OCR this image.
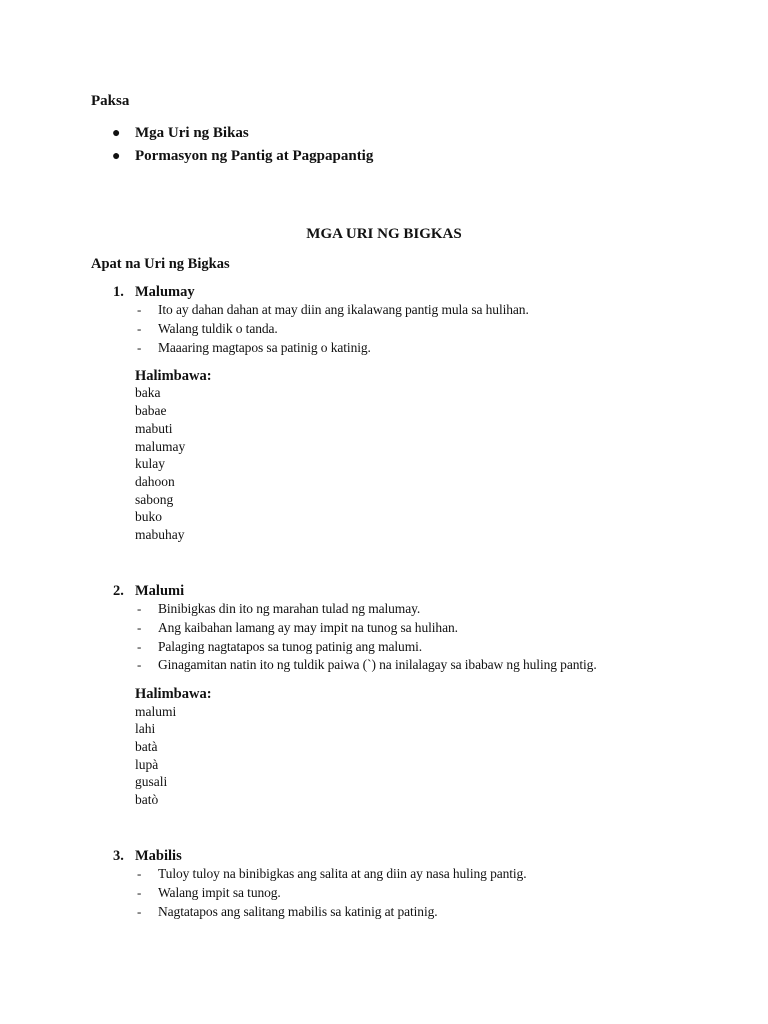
Paksa
● Mga Uri ng Bikas
● Pormasyon ng Pantig at Pagpapantig
MGA URI NG BIGKAS
Apat na Uri ng Bigkas
1. Malumay
- Ito ay dahan dahan at may diin ang ikalawang pantig mula sa hulihan.
- Walang tuldik o tanda.
- Maaaring magtapos sa patinig o katinig.
Halimbawa:
baka
babae
mabuti
malumay
kulay
dahoon
sabong
buko
mabuhay
2. Malumi
- Binibigkas din ito ng marahan tulad ng malumay.
- Ang kaibahan lamang ay may impit na tunog sa hulihan.
- Palaging nagtatapos sa tunog patinig ang malumi.
- Ginagamitan natin ito ng tuldik paiwa (`) na inilalagay sa ibabaw ng huling pantig.
Halimbawa:
malumi
lahi
batà
lupà
gusali
batò
3. Mabilis
- Tuloy tuloy na binibigkas ang salita at ang diin ay nasa huling pantig.
- Walang impit sa tunog.
- Nagtatapos ang salitang mabilis sa katinig at patinig.
